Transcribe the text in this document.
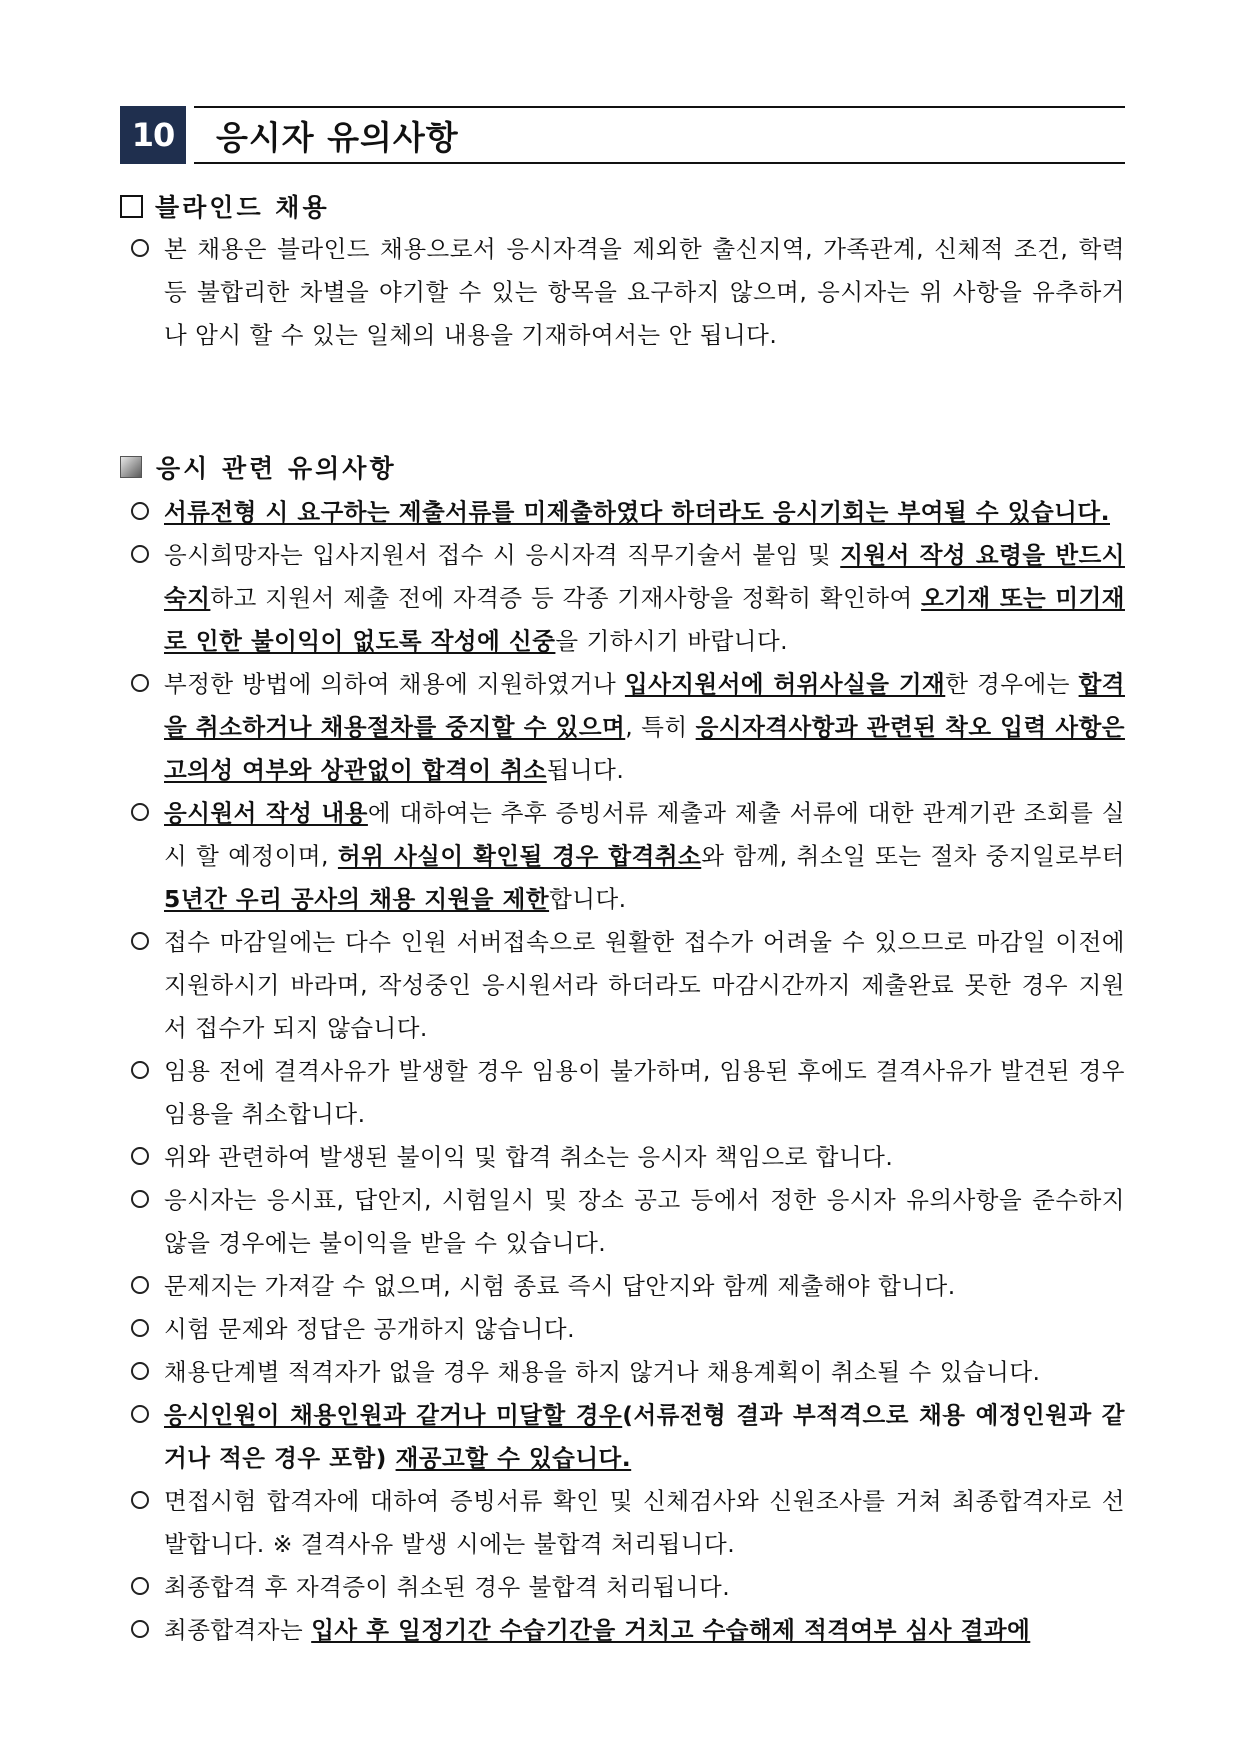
10	응시자 유의사항
블라인드 채용
본 채용은 블라인드 채용으로서 응시자격을 제외한 출신지역, 가족관계, 신체적 조건, 학력 등 불합리한 차별을 야기할 수 있는 항목을 요구하지 않으며, 응시자는 위 사항을 유추하거나 암시 할 수 있는 일체의 내용을 기재하여서는 안 됩니다.
응시 관련 유의사항
서류전형 시 요구하는 제출서류를 미제출하였다 하더라도 응시기회는 부여될 수 있습니다.
응시희망자는 입사지원서 접수 시 응시자격 직무기술서 붙임 및 지원서 작성 요령을 반드시 숙지하고 지원서 제출 전에 자격증 등 각종 기재사항을 정확히 확인하여 오기재 또는 미기재로 인한 불이익이 없도록 작성에 신중을 기하시기 바랍니다.
부정한 방법에 의하여 채용에 지원하였거나 입사지원서에 허위사실을 기재한 경우에는 합격을 취소하거나 채용절차를 중지할 수 있으며, 특히 응시자격사항과 관련된 착오 입력 사항은 고의성 여부와 상관없이 합격이 취소됩니다.
응시원서 작성 내용에 대하여는 추후 증빙서류 제출과 제출 서류에 대한 관계기관 조회를 실시 할 예정이며, 허위 사실이 확인될 경우 합격취소와 함께, 취소일 또는 절차 중지일로부터 5년간 우리 공사의 채용 지원을 제한합니다.
접수 마감일에는 다수 인원 서버접속으로 원활한 접수가 어려울 수 있으므로 마감일 이전에 지원하시기 바라며, 작성중인 응시원서라 하더라도 마감시간까지 제출완료 못한 경우 지원서 접수가 되지 않습니다.
임용 전에 결격사유가 발생할 경우 임용이 불가하며, 임용된 후에도 결격사유가 발견된 경우 임용을 취소합니다.
위와 관련하여 발생된 불이익 및 합격 취소는 응시자 책임으로 합니다.
응시자는 응시표, 답안지, 시험일시 및 장소 공고 등에서 정한 응시자 유의사항을 준수하지 않을 경우에는 불이익을 받을 수 있습니다.
문제지는 가져갈 수 없으며, 시험 종료 즉시 답안지와 함께 제출해야 합니다.
시험 문제와 정답은 공개하지 않습니다.
채용단계별 적격자가 없을 경우 채용을 하지 않거나 채용계획이 취소될 수 있습니다.
응시인원이 채용인원과 같거나 미달할 경우(서류전형 결과 부적격으로 채용 예정인원과 같거나 적은 경우 포함) 재공고할 수 있습니다.
면접시험 합격자에 대하여 증빙서류 확인 및 신체검사와 신원조사를 거쳐 최종합격자로 선발합니다. ※ 결격사유 발생 시에는 불합격 처리됩니다.
최종합격 후 자격증이 취소된 경우 불합격 처리됩니다.
최종합격자는 입사 후 일정기간 수습기간을 거치고 수습해제 적격여부 심사 결과에
